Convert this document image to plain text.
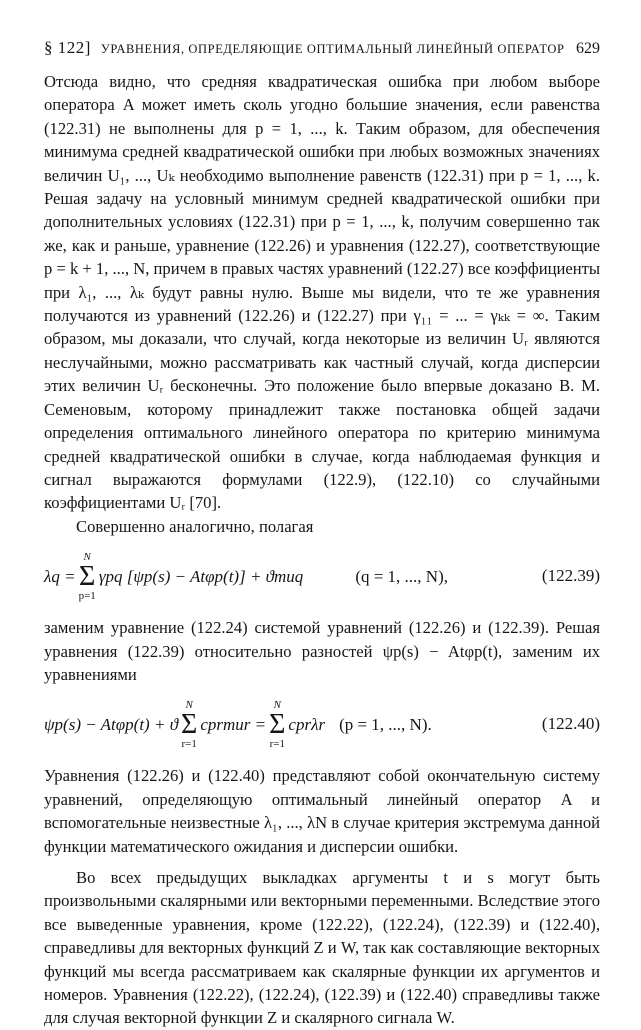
§ 122] УРАВНЕНИЯ, ОПРЕДЕЛЯЮЩИЕ ОПТИМАЛЬНЫЙ ЛИНЕЙНЫЙ ОПЕРАТОР 629

Отсюда видно, что средняя квадратическая ошибка при любом выборе оператора A может иметь сколь угодно большие значения, если равенства (122.31) не выполнены для p = 1, ..., k. Таким образом, для обеспечения минимума средней квадратической ошибки при любых возможных значениях величин U₁, ..., Uₖ необходимо выполнение равенств (122.31) при p = 1, ..., k. Решая задачу на условный минимум средней квадратической ошибки при дополнительных условиях (122.31) при p = 1, ..., k, получим совершенно так же, как и раньше, уравнение (122.26) и уравнения (122.27), соответствующие p = k + 1, ..., N, причем в правых частях уравнений (122.27) все коэффициенты при λ₁, ..., λₖ будут равны нулю. Выше мы видели, что те же уравнения получаются из уравнений (122.26) и (122.27) при γ₁₁ = ... = γₖₖ = ∞. Таким образом, мы доказали, что случай, когда некоторые из величин Uᵣ являются неслучайными, можно рассматривать как частный случай, когда дисперсии этих величин Uᵣ бесконечны. Это положение было впервые доказано В. М. Семеновым, которому принадлежит также постановка общей задачи определения оптимального линейного оператора по критерию минимума средней квадратической ошибки в случае, когда наблюдаемая функция и сигнал выражаются формулами (122.9), (122.10) со случайными коэффициентами Uᵣ [70].

Совершенно аналогично, полагая

λq =
N
Σ
p=1
γpq [ψp(s) − Atφp(t)] + ϑmuq	(q = 1, ..., N),	(122.39)

заменим уравнение (122.24) системой уравнений (122.26) и (122.39). Решая уравнения (122.39) относительно разностей ψp(s) − Atφp(t), заменим их уравнениями

ψp(s) − Atφp(t) + ϑ
N
Σ
r=1
cprmur =
N
Σ
r=1
cprλr (p = 1, ..., N).	(122.40)

Уравнения (122.26) и (122.40) представляют собой окончательную систему уравнений, определяющую оптимальный линейный оператор A и вспомогательные неизвестные λ₁, ..., λN в случае критерия экстремума данной функции математического ожидания и дисперсии ошибки.

Во всех предыдущих выкладках аргументы t и s могут быть произвольными скалярными или векторными переменными. Вследствие этого все выведенные уравнения, кроме (122.22), (122.24), (122.39) и (122.40), справедливы для векторных функций Z и W, так как составляющие векторных функций мы всегда рассматриваем как скалярные функции их аргументов и номеров. Уравнения (122.22), (122.24), (122.39) и (122.40) справедливы также для случая векторной функции Z и скалярного сигнала W.
